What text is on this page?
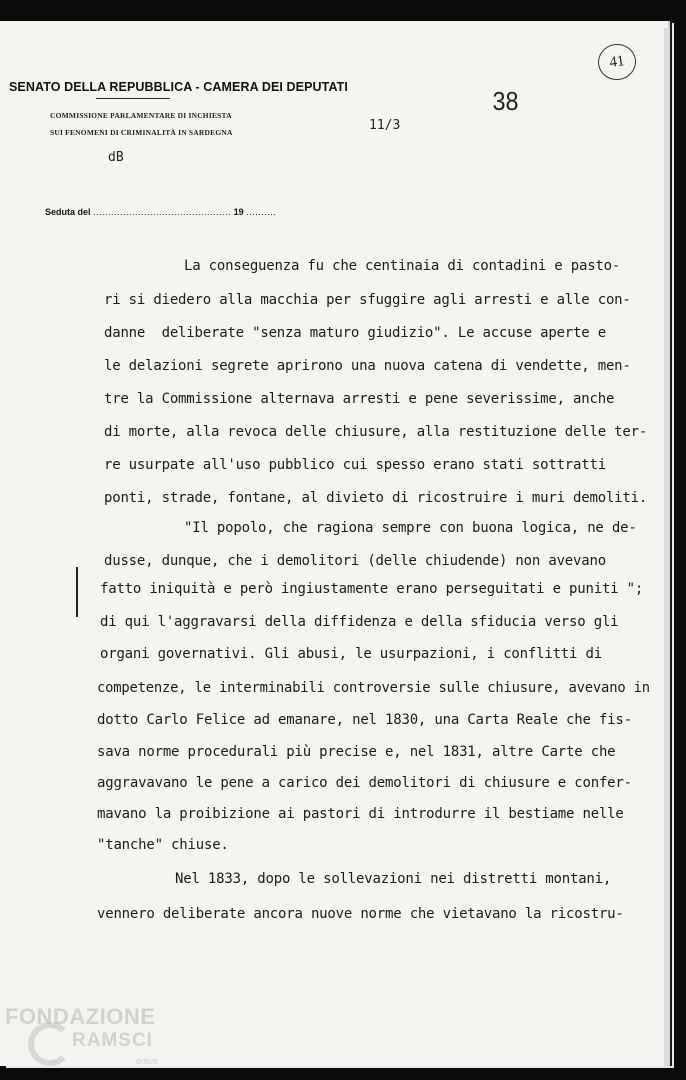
SENATO DELLA REPUBBLICA - CAMERA DEI DEPUTATI
COMMISSIONE PARLAMENTARE DI INCHIESTA
SUI FENOMENI DI CRIMINALITÀ IN SARDEGNA
dB
11/3
38
41
Seduta del .............................................. 19 ..........
La conseguenza fu che centinaia di contadini e pasto-
ri si diedero alla macchia per sfuggire agli arresti e alle con-
danne  deliberate "senza maturo giudizio". Le accuse aperte e
le delazioni segrete aprirono una nuova catena di vendette, men-
tre la Commissione alternava arresti e pene severissime, anche
di morte, alla revoca delle chiusure, alla restituzione delle ter-
re usurpate all'uso pubblico cui spesso erano stati sottratti
ponti, strade, fontane, al divieto di ricostruire i muri demoliti.
"Il popolo, che ragiona sempre con buona logica, ne de-
dusse, dunque, che i demolitori (delle chiudende) non avevano
fatto iniquità e però ingiustamente erano perseguitati e puniti ";
di qui l'aggravarsi della diffidenza e della sfiducia verso gli
organi governativi. Gli abusi, le usurpazioni, i conflitti di
competenze, le interminabili controversie sulle chiusure, avevano in
dotto Carlo Felice ad emanare, nel 1830, una Carta Reale che fis-
sava norme procedurali più precise e, nel 1831, altre Carte che
aggravavano le pene a carico dei demolitori di chiusure e confer-
mavano la proibizione ai pastori di introdurre il bestiame nelle
"tanche" chiuse.
Nel 1833, dopo le sollevazioni nei distretti montani,
vennero deliberate ancora nuove norme che vietavano la ricostru-
FONDAZIONE
RAMSCI
onlus
